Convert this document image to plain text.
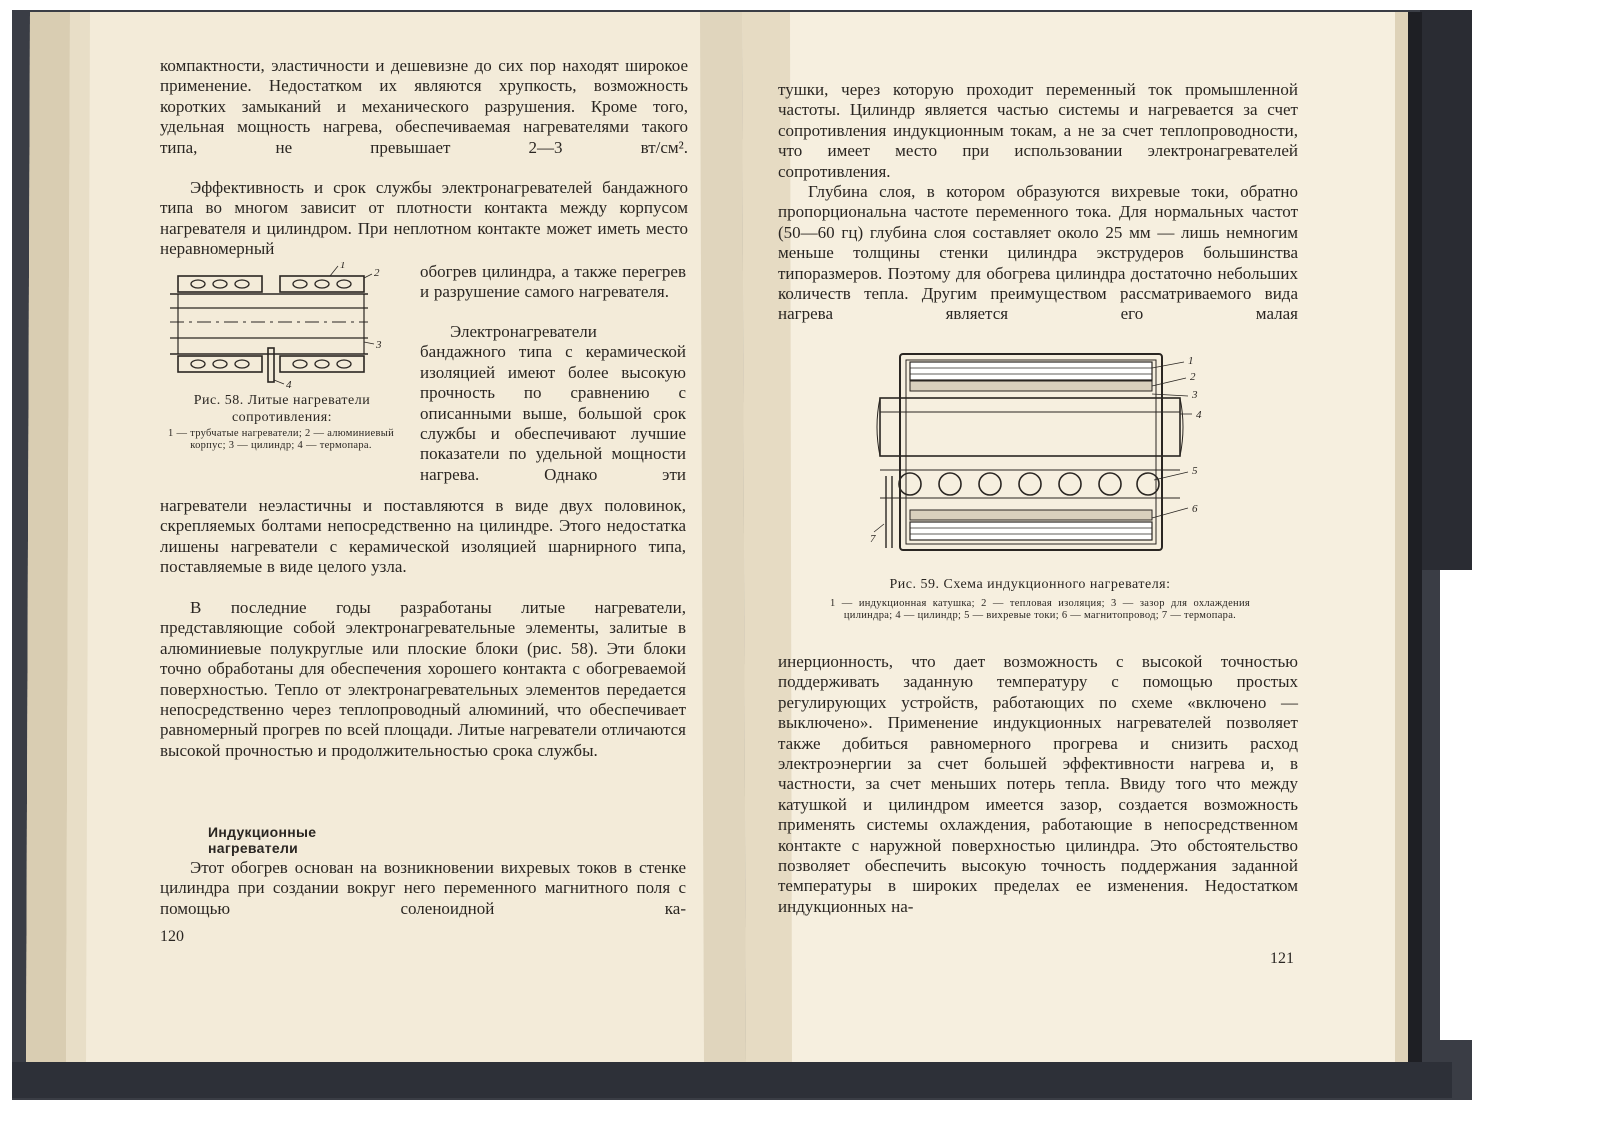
компактности, эластичности и дешевизне до сих пор находят широкое применение. Недостатком их являются хрупкость, возможность коротких замыканий и механического разрушения. Кроме того, удельная мощность нагрева, обеспечиваемая нагревателями такого типа, не превышает 2—3 вт/см².

Эффективность и срок службы электронагревателей бандажного типа во многом зависит от плотности контакта между корпусом нагревателя и цилиндром. При неплотном контакте может иметь место неравномерный

1
2
3
4
Рис. 58. Литые нагреватели сопротивления:
1 — трубчатые нагреватели; 2 — алюминиевый корпус; 3 — цилиндр; 4 — термопара.

обогрев цилиндра, а также перегрев и разрушение самого нагревателя.

Электронагреватели бандажного типа с керамической изоляцией имеют более высокую прочность по сравнению с описанными выше, большой срок службы и обеспечивают лучшие показатели по удельной мощности нагрева. Однако эти

нагреватели неэластичны и поставляются в виде двух половинок, скрепляемых болтами непосредственно на цилиндре. Этого недостатка лишены нагреватели с керамической изоляцией шарнирного типа, поставляемые в виде целого узла.

В последние годы разработаны литые нагреватели, представляющие собой электронагревательные элементы, залитые в алюминиевые полукруглые или плоские блоки (рис. 58). Эти блоки точно обработаны для обеспечения хорошего контакта с обогреваемой поверхностью. Тепло от электронагревательных элементов передается непосредственно через теплопроводный алюминий, что обеспечивает равномерный прогрев по всей площади. Литые нагреватели отличаются высокой прочностью и продолжительностью срока службы.

Индукционные нагреватели

Этот обогрев основан на возникновении вихревых токов в стенке цилиндра при создании вокруг него переменного магнитного поля с помощью соленоидной ка-

120

тушки, через которую проходит переменный ток промышленной частоты. Цилиндр является частью системы и нагревается за счет сопротивления индукционным токам, а не за счет теплопроводности, что имеет место при использовании электронагревателей сопротивления.

Глубина слоя, в котором образуются вихревые токи, обратно пропорциональна частоте переменного тока. Для нормальных частот (50—60 гц) глубина слоя составляет около 25 мм — лишь немногим меньше толщины стенки цилиндра экструдеров большинства типоразмеров. Поэтому для обогрева цилиндра достаточно небольших количеств тепла. Другим преимуществом рассматриваемого вида нагрева является его малая

1
2
3
4
5
6
7
Рис. 59. Схема индукционного нагревателя:
1 — индукционная катушка; 2 — тепловая изоляция; 3 — зазор для охлаждения цилиндра; 4 — цилиндр; 5 — вихревые токи; 6 — магнитопровод; 7 — термопара.

инерционность, что дает возможность с высокой точностью поддерживать заданную температуру с помощью простых регулирующих устройств, работающих по схеме «включено — выключено». Применение индукционных нагревателей позволяет также добиться равномерного прогрева и снизить расход электроэнергии за счет большей эффективности нагрева и, в частности, за счет меньших потерь тепла. Ввиду того что между катушкой и цилиндром имеется зазор, создается возможность применять системы охлаждения, работающие в непосредственном контакте с наружной поверхностью цилиндра. Это обстоятельство позволяет обеспечить высокую точность поддержания заданной температуры в широких пределах ее изменения. Недостатком индукционных на-

121
